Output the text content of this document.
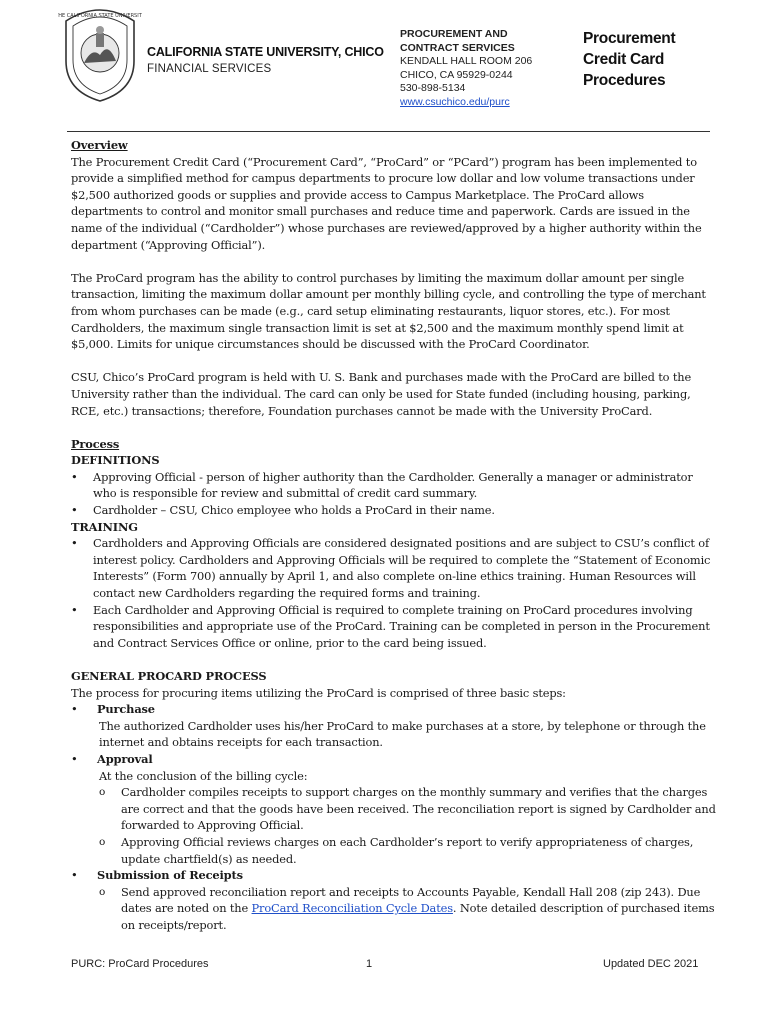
THE CALIFORNIA STATE UNIVERSITY
CALIFORNIA STATE UNIVERSITY, CHICO
FINANCIAL SERVICES
PROCUREMENT AND
CONTRACT SERVICES
KENDALL HALL ROOM 206
CHICO, CA 95929-0244
530-898-5134
www.csuchico.edu/purc
Procurement
Credit Card
Procedures
Overview

The Procurement Credit Card (“Procurement Card”, “ProCard” or “PCard”) program has been implemented to provide a simplified method for campus departments to procure low dollar and low volume transactions under $2,500 authorized goods or supplies and provide access to Campus Marketplace. The ProCard allows departments to control and monitor small purchases and reduce time and paperwork. Cards are issued in the name of the individual (“Cardholder”) whose purchases are reviewed/approved by a higher authority within the department (“Approving Official”).

The ProCard program has the ability to control purchases by limiting the maximum dollar amount per single transaction, limiting the maximum dollar amount per monthly billing cycle, and controlling the type of merchant from whom purchases can be made (e.g., card setup eliminating restaurants, liquor stores, etc.). For most Cardholders, the maximum single transaction limit is set at $2,500 and the maximum monthly spend limit at $5,000. Limits for unique circumstances should be discussed with the ProCard Coordinator.

CSU, Chico’s ProCard program is held with U. S. Bank and purchases made with the ProCard are billed to the University rather than the individual. The card can only be used for State funded (including housing, parking, RCE, etc.) transactions; therefore, Foundation purchases cannot be made with the University ProCard.

Process
DEFINITIONS
• Approving Official - person of higher authority than the Cardholder. Generally a manager or administrator who is responsible for review and submittal of credit card summary.
• Cardholder – CSU, Chico employee who holds a ProCard in their name.
TRAINING
• Cardholders and Approving Officials are considered designated positions and are subject to CSU’s conflict of interest policy. Cardholders and Approving Officials will be required to complete the “Statement of Economic Interests” (Form 700) annually by April 1, and also complete on-line ethics training. Human Resources will contact new Cardholders regarding the required forms and training.
• Each Cardholder and Approving Official is required to complete training on ProCard procedures involving responsibilities and appropriate use of the ProCard. Training can be completed in person in the Procurement and Contract Services Office or online, prior to the card being issued.
GENERAL PROCARD PROCESS
The process for procuring items utilizing the ProCard is comprised of three basic steps:
• Purchase
The authorized Cardholder uses his/her ProCard to make purchases at a store, by telephone or through the internet and obtains receipts for each transaction.
• Approval
At the conclusion of the billing cycle:
o Cardholder compiles receipts to support charges on the monthly summary and verifies that the charges are correct and that the goods have been received. The reconciliation report is signed by Cardholder and forwarded to Approving Official.
o Approving Official reviews charges on each Cardholder’s report to verify appropriateness of charges, update chartfield(s) as needed.
• Submission of Receipts
o Send approved reconciliation report and receipts to Accounts Payable, Kendall Hall 208 (zip 243). Due dates are noted on the ProCard Reconciliation Cycle Dates. Note detailed description of purchased items on receipts/report.
PURC: ProCard Procedures	1	Updated DEC 2021
